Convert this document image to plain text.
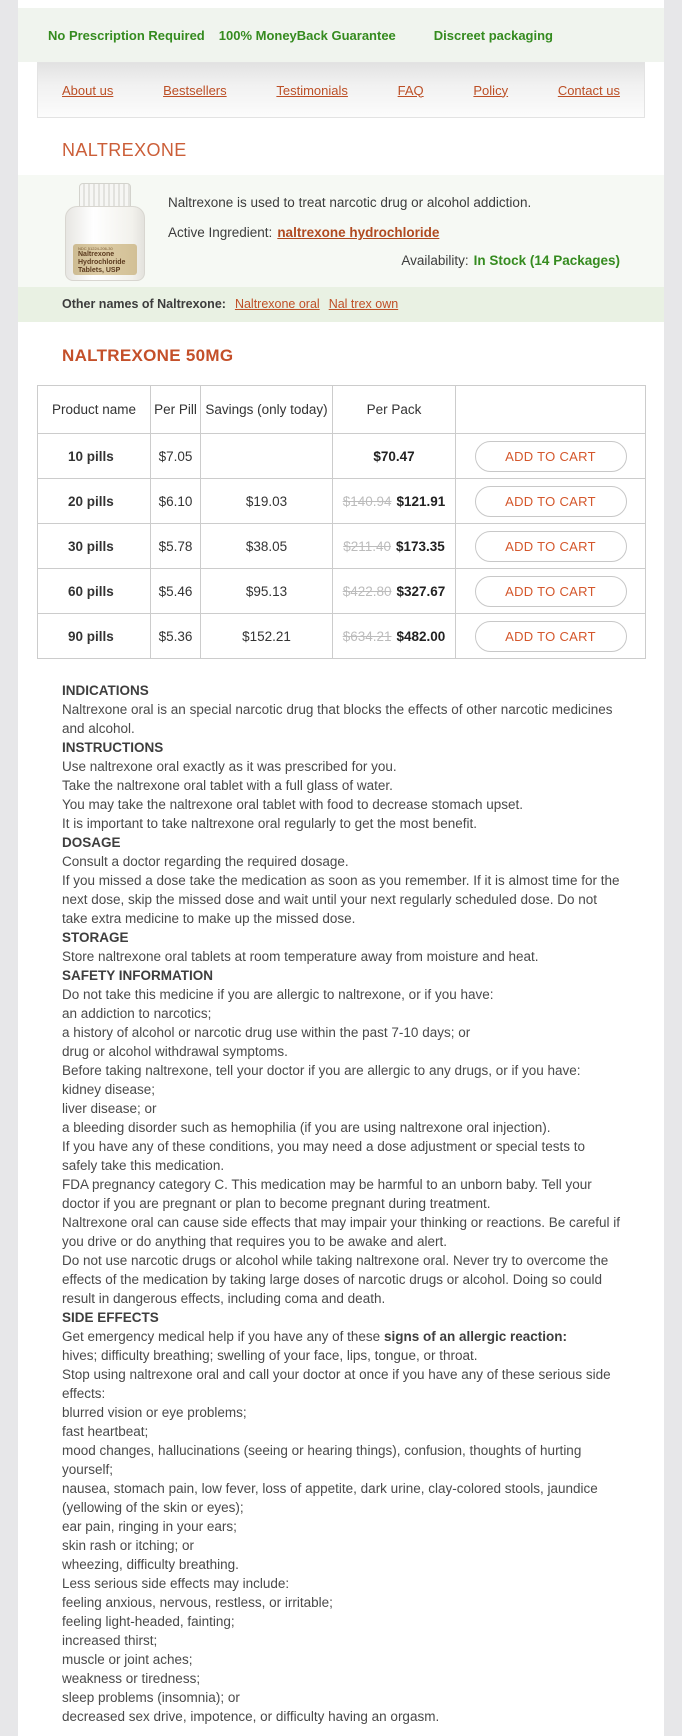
No Prescription Required 100% MoneyBack Guarantee	Discreet packaging
About us	Bestsellers	Testimonials	FAQ	Policy	Contact us
NALTREXONE
NDC 51224-206-30
Naltrexone
Hydrochloride
Tablets, USP
Naltrexone is used to treat narcotic drug or alcohol addiction.
Active Ingredient: naltrexone hydrochloride
Availability: In Stock (14 Packages)
Other names of Naltrexone: Naltrexone oral Nal trex own
NALTREXONE 50MG
Product name	Per Pill	Savings (only today)	Per Pack	
10 pills	$7.05		$70.47	ADD TO CART
20 pills	$6.10	$19.03	$140.94 $121.91	ADD TO CART
30 pills	$5.78	$38.05	$211.40 $173.35	ADD TO CART
60 pills	$5.46	$95.13	$422.80 $327.67	ADD TO CART
90 pills	$5.36	$152.21	$634.21 $482.00	ADD TO CART
INDICATIONS
Naltrexone oral is an special narcotic drug that blocks the effects of other narcotic medicines and alcohol.
INSTRUCTIONS
Use naltrexone oral exactly as it was prescribed for you.
Take the naltrexone oral tablet with a full glass of water.
You may take the naltrexone oral tablet with food to decrease stomach upset.
It is important to take naltrexone oral regularly to get the most benefit.
DOSAGE
Consult a doctor regarding the required dosage.
If you missed a dose take the medication as soon as you remember. If it is almost time for the next dose, skip the missed dose and wait until your next regularly scheduled dose. Do not take extra medicine to make up the missed dose.
STORAGE
Store naltrexone oral tablets at room temperature away from moisture and heat.
SAFETY INFORMATION
Do not take this medicine if you are allergic to naltrexone, or if you have:
an addiction to narcotics;
a history of alcohol or narcotic drug use within the past 7-10 days; or
drug or alcohol withdrawal symptoms.
Before taking naltrexone, tell your doctor if you are allergic to any drugs, or if you have:
kidney disease;
liver disease; or
a bleeding disorder such as hemophilia (if you are using naltrexone oral injection).
If you have any of these conditions, you may need a dose adjustment or special tests to safely take this medication.
FDA pregnancy category C. This medication may be harmful to an unborn baby. Tell your doctor if you are pregnant or plan to become pregnant during treatment.
Naltrexone oral can cause side effects that may impair your thinking or reactions. Be careful if you drive or do anything that requires you to be awake and alert.
Do not use narcotic drugs or alcohol while taking naltrexone oral. Never try to overcome the effects of the medication by taking large doses of narcotic drugs or alcohol. Doing so could result in dangerous effects, including coma and death.
SIDE EFFECTS
Get emergency medical help if you have any of these signs of an allergic reaction:
hives; difficulty breathing; swelling of your face, lips, tongue, or throat.
Stop using naltrexone oral and call your doctor at once if you have any of these serious side effects:
blurred vision or eye problems;
fast heartbeat;
mood changes, hallucinations (seeing or hearing things), confusion, thoughts of hurting yourself;
nausea, stomach pain, low fever, loss of appetite, dark urine, clay-colored stools, jaundice (yellowing of the skin or eyes);
ear pain, ringing in your ears;
skin rash or itching; or
wheezing, difficulty breathing.
Less serious side effects may include:
feeling anxious, nervous, restless, or irritable;
feeling light-headed, fainting;
increased thirst;
muscle or joint aches;
weakness or tiredness;
sleep problems (insomnia); or
decreased sex drive, impotence, or difficulty having an orgasm.
